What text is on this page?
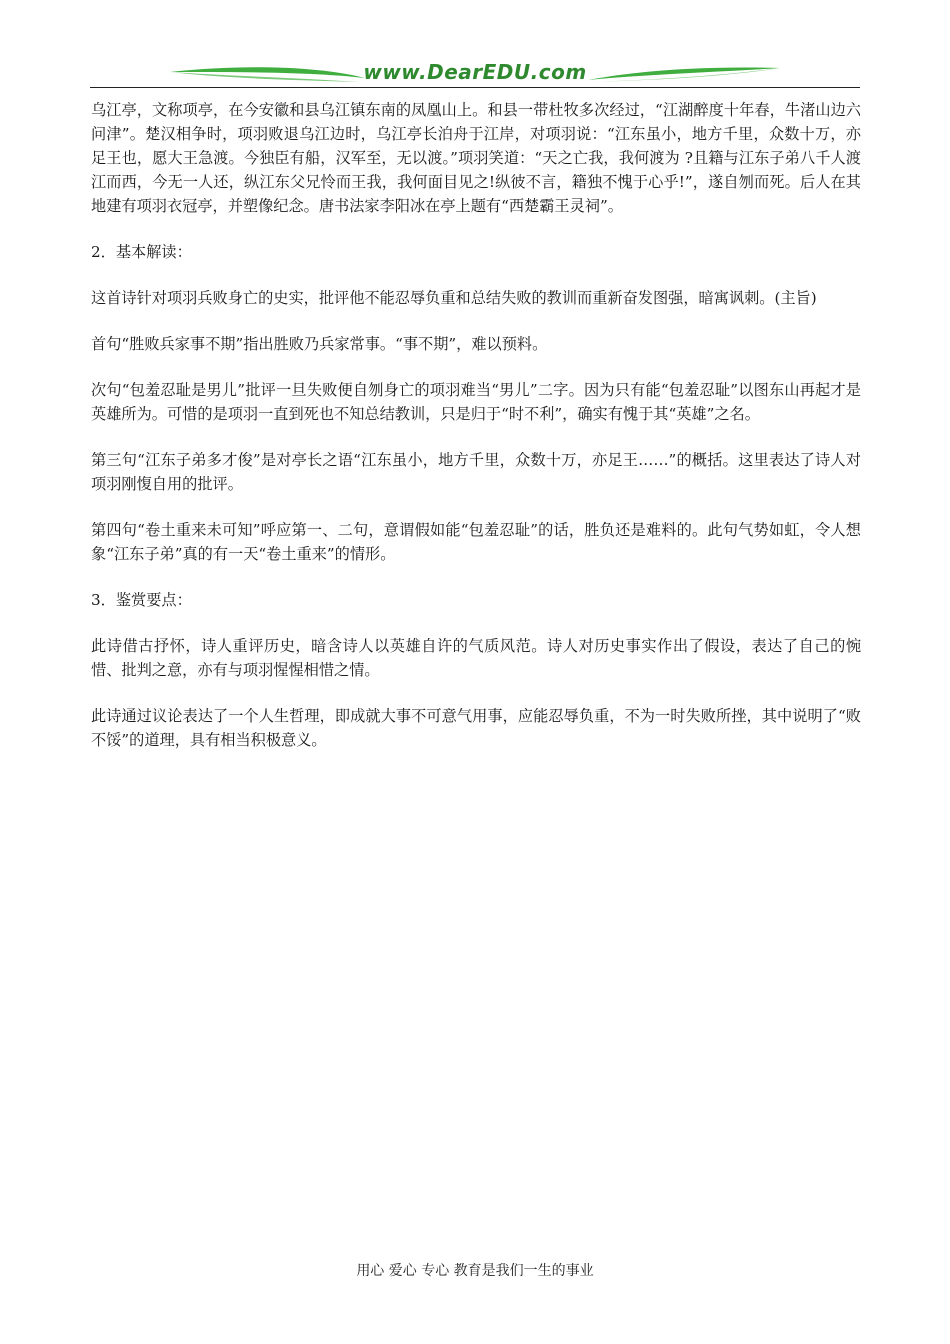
www.DearEDU.com

乌江亭，文称项亭，在今安徽和县乌江镇东南的凤凰山上。和县一带杜牧多次经过，“江湖醉度十年春，牛渚山边六问津”。楚汉相争时，项羽败退乌江边时，乌江亭长泊舟于江岸，对项羽说：“江东虽小，地方千里，众数十万，亦足王也，愿大王急渡。今独臣有船，汉军至，无以渡。”项羽笑道：“天之亡我，我何渡为 ?且籍与江东子弟八千人渡江而西，今无一人还，纵江东父兄怜而王我，我何面目见之!纵彼不言，籍独不愧于心乎!”，遂自刎而死。后人在其地建有项羽衣冠亭，并塑像纪念。唐书法家李阳冰在亭上题有“西楚霸王灵祠”。

2．基本解读：

这首诗针对项羽兵败身亡的史实，批评他不能忍辱负重和总结失败的教训而重新奋发图强，暗寓讽刺。(主旨)

首句“胜败兵家事不期”指出胜败乃兵家常事。“事不期”，难以预料。

次句“包羞忍耻是男儿”批评一旦失败便自刎身亡的项羽难当“男儿”二字。因为只有能“包羞忍耻”以图东山再起才是英雄所为。可惜的是项羽一直到死也不知总结教训，只是归于“时不利”，确实有愧于其“英雄”之名。

第三句“江东子弟多才俊”是对亭长之语“江东虽小，地方千里，众数十万，亦足王……”的概括。这里表达了诗人对项羽刚愎自用的批评。

第四句“卷土重来未可知”呼应第一、二句，意谓假如能“包羞忍耻”的话，胜负还是难料的。此句气势如虹，令人想象“江东子弟”真的有一天“卷土重来”的情形。

3．鉴赏要点：

此诗借古抒怀，诗人重评历史，暗含诗人以英雄自许的气质风范。诗人对历史事实作出了假设，表达了自己的惋惜、批判之意，亦有与项羽惺惺相惜之情。

此诗通过议论表达了一个人生哲理，即成就大事不可意气用事，应能忍辱负重，不为一时失败所挫，其中说明了“败不馁”的道理，具有相当积极意义。

用心 爱心 专心 教育是我们一生的事业
